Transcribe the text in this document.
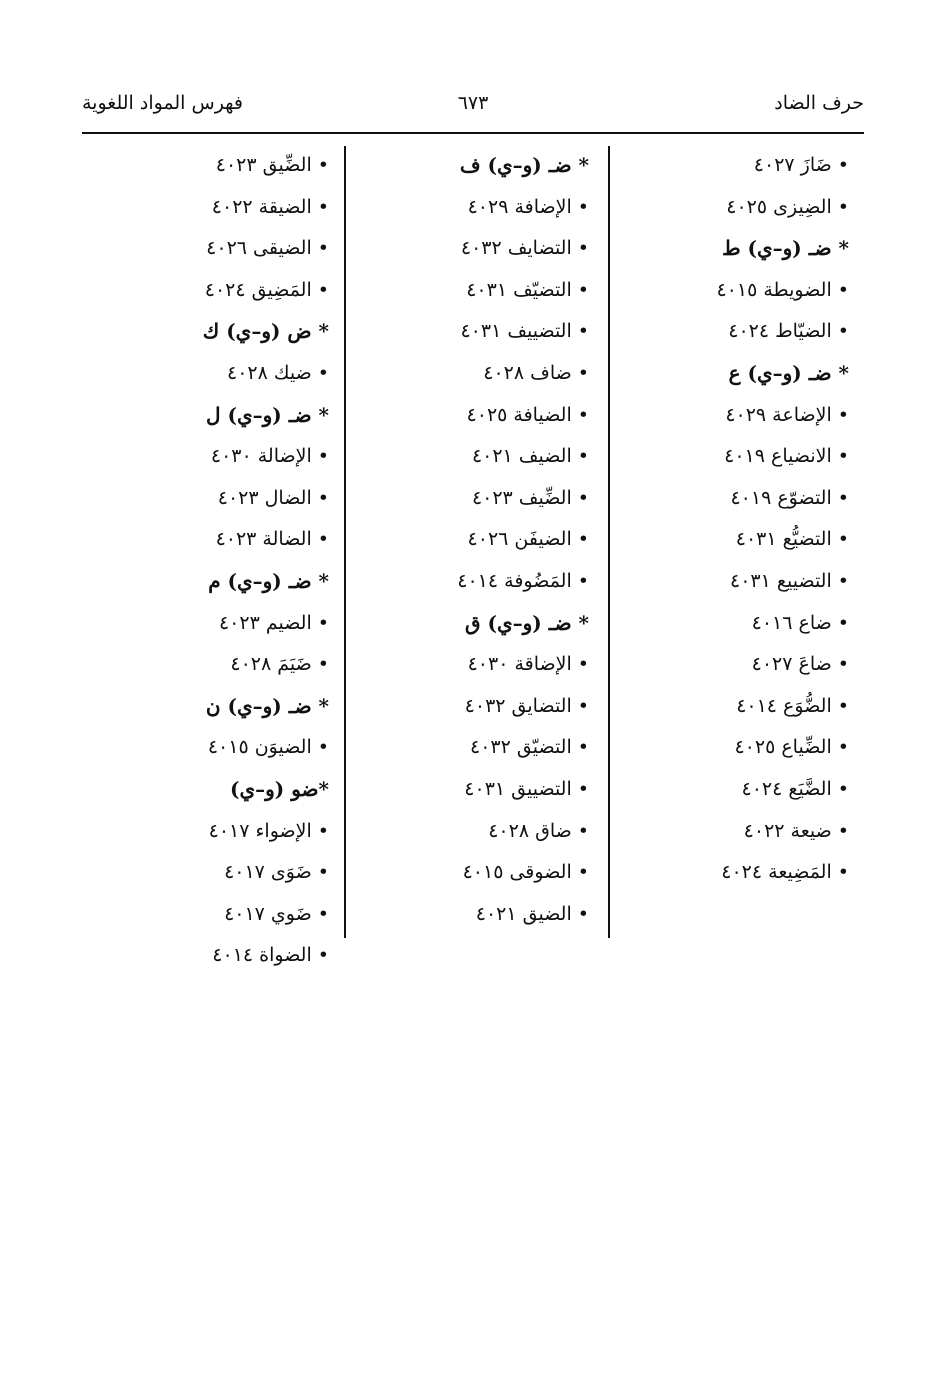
حرف الضاد
٦٧٣
فهرس المواد اللغوية
• ضَازَ ٤٠٢٧
• الضِيزى ٤٠٢٥
* ضـ (و–ي) ط
• الضويطة ٤٠١٥
• الضيّاط ٤٠٢٤
* ضـ (و–ي) ع
• الإضاعة ٤٠٢٩
• الانضياع ٤٠١٩
• التضوّع ٤٠١٩
• التضيُّع ٤٠٣١
• التضييع ٤٠٣١
• ضاع ٤٠١٦
• ضاعَ ٤٠٢٧
• الضُّوَع ٤٠١٤
• الضِّياع ٤٠٢٥
• الضَّيَع ٤٠٢٤
• ضيعة ٤٠٢٢
• المَضِيعة ٤٠٢٤
* ضـ (و–ي) ف
• الإضافة ٤٠٢٩
• التضايف ٤٠٣٢
• التضيّف ٤٠٣١
• التضييف ٤٠٣١
• ضاف ٤٠٢٨
• الضيافة ٤٠٢٥
• الضيف ٤٠٢١
• الضِّيف ٤٠٢٣
• الضيفَن ٤٠٢٦
• المَضُوفة ٤٠١٤
* ضـ (و–ي) ق
• الإضاقة ٤٠٣٠
• التضايق ٤٠٣٢
• التضيّق ٤٠٣٢
• التضييق ٤٠٣١
• ضاق ٤٠٢٨
• الضوقى ٤٠١٥
• الضيق ٤٠٢١
• الضِّيق ٤٠٢٣
• الضيقة ٤٠٢٢
• الضيقى ٤٠٢٦
• المَضِيق ٤٠٢٤
* ض (و–ي) ك
• ضيك ٤٠٢٨
* ضـ (و–ي) ل
• الإضالة ٤٠٣٠
• الضال ٤٠٢٣
• الضالة ٤٠٢٣
* ضـ (و–ي) م
• الضيم ٤٠٢٣
• ضَيَمَ ٤٠٢٨
* ضـ (و–ي) ن
• الضيوَن ٤٠١٥
*ضو (و–ي)
• الإضواء ٤٠١٧
• ضَوَى ٤٠١٧
• ضَوي ٤٠١٧
• الضواة ٤٠١٤
